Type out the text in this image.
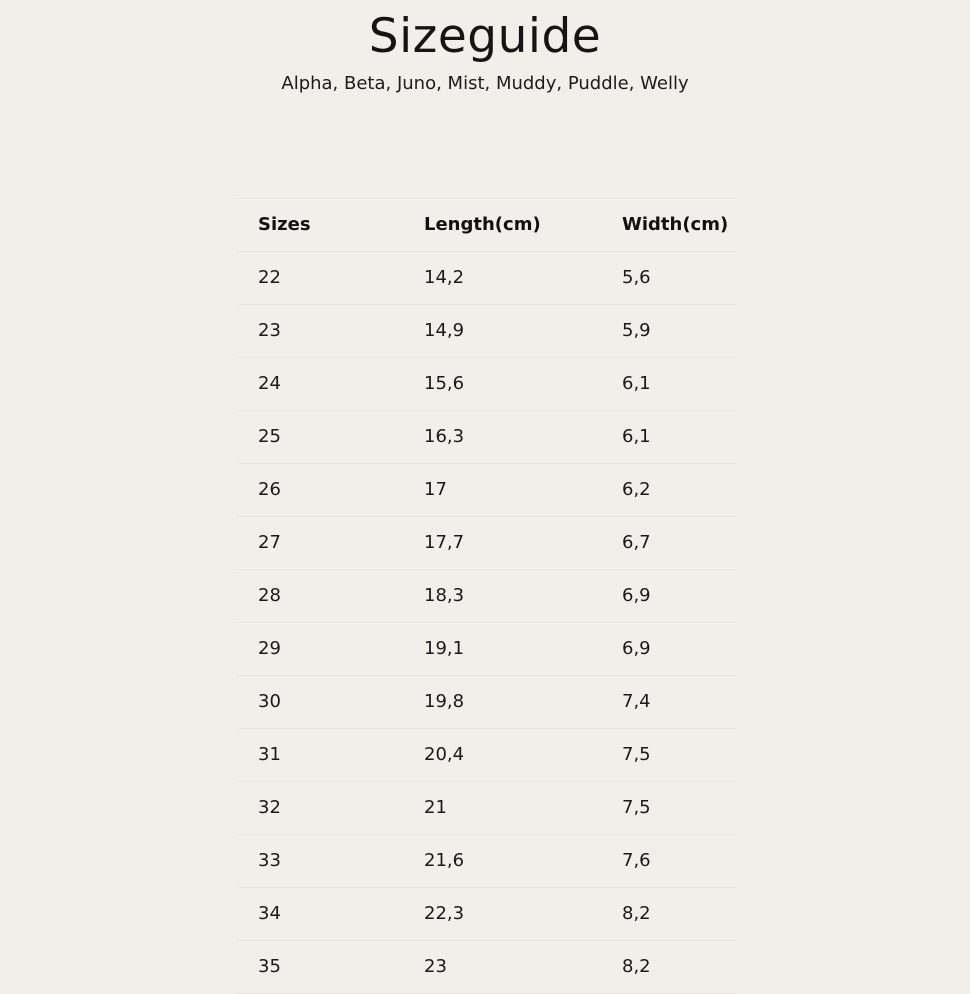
Sizeguide
Alpha, Beta, Juno, Mist, Muddy, Puddle, Welly
Sizes	Length(cm)	Width(cm)
22	14,2	5,6
23	14,9	5,9
24	15,6	6,1
25	16,3	6,1
26	17	6,2
27	17,7	6,7
28	18,3	6,9
29	19,1	6,9
30	19,8	7,4
31	20,4	7,5
32	21	7,5
33	21,6	7,6
34	22,3	8,2
35	23	8,2
